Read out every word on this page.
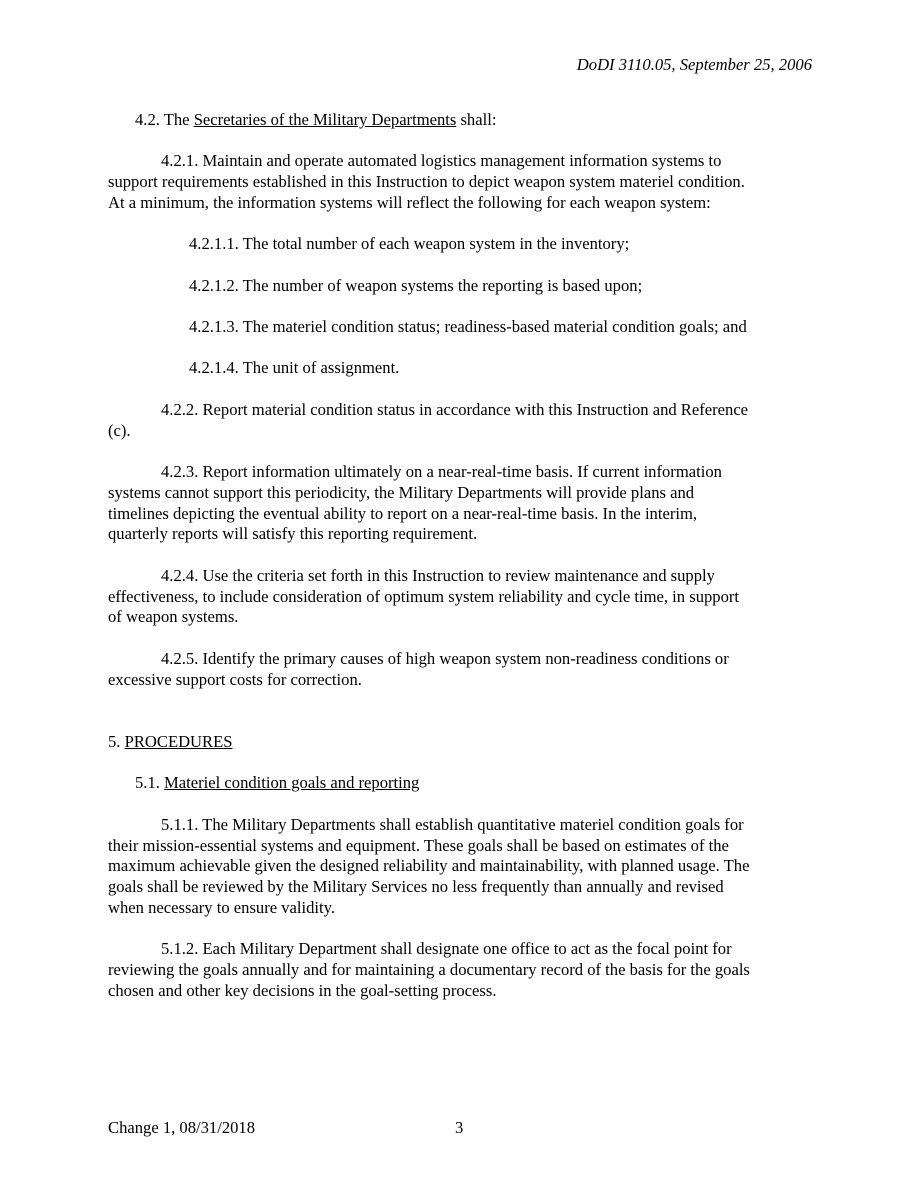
DoDI 3110.05, September 25, 2006
4.2. The Secretaries of the Military Departments shall:
4.2.1. Maintain and operate automated logistics management information systems to
support requirements established in this Instruction to depict weapon system materiel condition.
At a minimum, the information systems will reflect the following for each weapon system:
4.2.1.1. The total number of each weapon system in the inventory;
4.2.1.2. The number of weapon systems the reporting is based upon;
4.2.1.3. The materiel condition status; readiness-based material condition goals; and
4.2.1.4. The unit of assignment.
4.2.2. Report material condition status in accordance with this Instruction and Reference
(c).
4.2.3. Report information ultimately on a near-real-time basis. If current information
systems cannot support this periodicity, the Military Departments will provide plans and
timelines depicting the eventual ability to report on a near-real-time basis. In the interim,
quarterly reports will satisfy this reporting requirement.
4.2.4. Use the criteria set forth in this Instruction to review maintenance and supply
effectiveness, to include consideration of optimum system reliability and cycle time, in support
of weapon systems.
4.2.5. Identify the primary causes of high weapon system non-readiness conditions or
excessive support costs for correction.
5. PROCEDURES
5.1. Materiel condition goals and reporting
5.1.1. The Military Departments shall establish quantitative materiel condition goals for
their mission-essential systems and equipment. These goals shall be based on estimates of the
maximum achievable given the designed reliability and maintainability, with planned usage. The
goals shall be reviewed by the Military Services no less frequently than annually and revised
when necessary to ensure validity.
5.1.2. Each Military Department shall designate one office to act as the focal point for
reviewing the goals annually and for maintaining a documentary record of the basis for the goals
chosen and other key decisions in the goal-setting process.
Change 1, 08/31/2018	3
